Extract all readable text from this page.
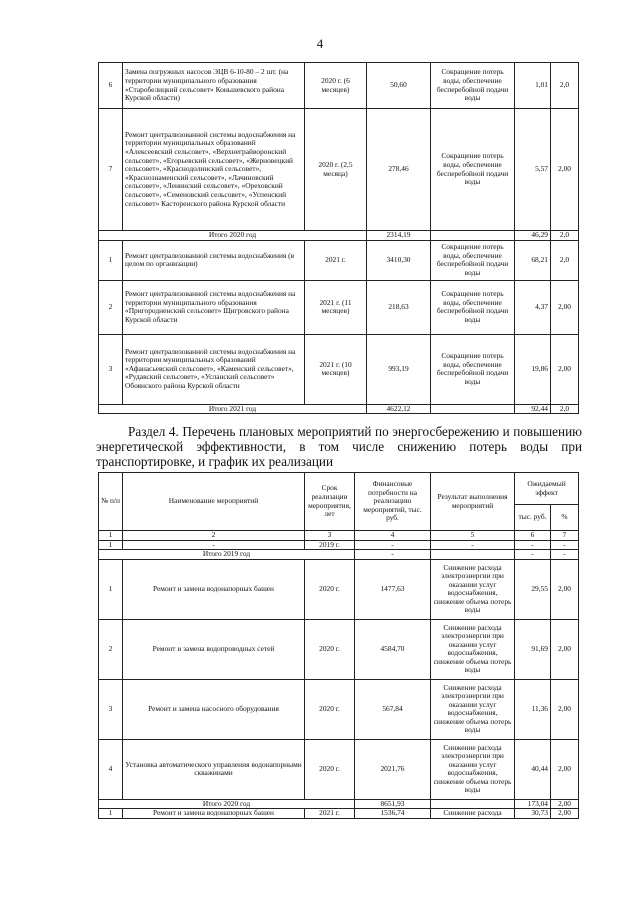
4
6	Замена погружных насосов ЭЦВ 6-10-80 – 2 шт. (на территории муниципального образования «Старобелицкий сельсовет» Коньшевского района Курской области)	2020 г. (6 месяцев)	50,60	Сокращение потерь воды, обеспечение бесперебойной подачи воды	1,01	2,0
7	Ремонт централизованной системы водоснабжения на территории муниципальных образований «Алексеевский сельсовет», «Верхнеграйворонский сельсовет», «Егорьевский сельсовет», «Жерновецкий сельсовет», «Краснодолинский сельсовет», «Краснознаменский сельсовет», «Лачиновский сельсовет», «Ленинский сельсовет», «Ореховский сельсовет», «Семеновский сельсовет», «Успенский сельсовет» Касторенского района Курской области	2020 г. (2,5 месяца)	278,46	Сокращение потерь воды, обеспечение бесперебойной подачи воды	5,57	2,00
Итого 2020 год			2314,19		46,29	2,0
1	Ремонт централизованной системы водоснабжения (в целом по организации)	2021 г.	3410,30	Сокращение потерь воды, обеспечение бесперебойной подачи воды	68,21	2,0
2	Ремонт централизованной системы водоснабжения на территории муниципального образования «Пригородненский сельсовет» Щигровского района Курской области	2021 г. (11 месяцев)	218,63	Сокращение потерь воды, обеспечение бесперебойной подачи воды	4,37	2,00
3	Ремонт централизованной системы водоснабжения на территории муниципальных образований «Афанасьевский сельсовет», «Каменский сельсовет», «Рудавский сельсовет», «Усланский сельсовет» Обоянского района Курской области	2021 г. (10 месяцев)	993,19	Сокращение потерь воды, обеспечение бесперебойной подачи воды	19,86	2,00
Итого 2021 год			4622,12		92,44	2,0
Раздел 4. Перечень плановых мероприятий по энергосбережению и повышению энергетической эффективности, в том числе снижению потерь воды при транспортировке, и график их реализации
№ п/п	Наименование мероприятий	Срок реализации мероприятия, лет	Финансовые потребности на реализацию мероприятий, тыс. руб.	Результат выполнения мероприятий	Ожидаемый эффект	
					тыс. руб.	%
1	2	3	4	5	6	7
1	-	2019 г.	-	-	-	-
Итого 2019 год			-		-	-
1	Ремонт и замена водонапорных башен	2020 г.	1477,63	Снижение расхода электроэнергии при оказании услуг водоснабжения, снижение объема потерь воды	29,55	2,00
2	Ремонт и замена водопроводных сетей	2020 г.	4584,70	Снижение расхода электроэнергии при оказании услуг водоснабжения, снижение объема потерь воды	91,69	2,00
3	Ремонт и замена насосного оборудования	2020 г.	567,84	Снижение расхода электроэнергии при оказании услуг водоснабжения, снижение объема потерь воды	11,36	2,00
4	Установка автоматического управления водонапорными скважинами	2020 г.	2021,76	Снижение расхода электроэнергии при оказании услуг водоснабжения, снижение объема потерь воды	40,44	2,00
Итого 2020 год			8651,93		173,04	2,00
1	Ремонт и замена водонапорных башен	2021 г.	1536,74	Снижение расхода	30,73	2,00
